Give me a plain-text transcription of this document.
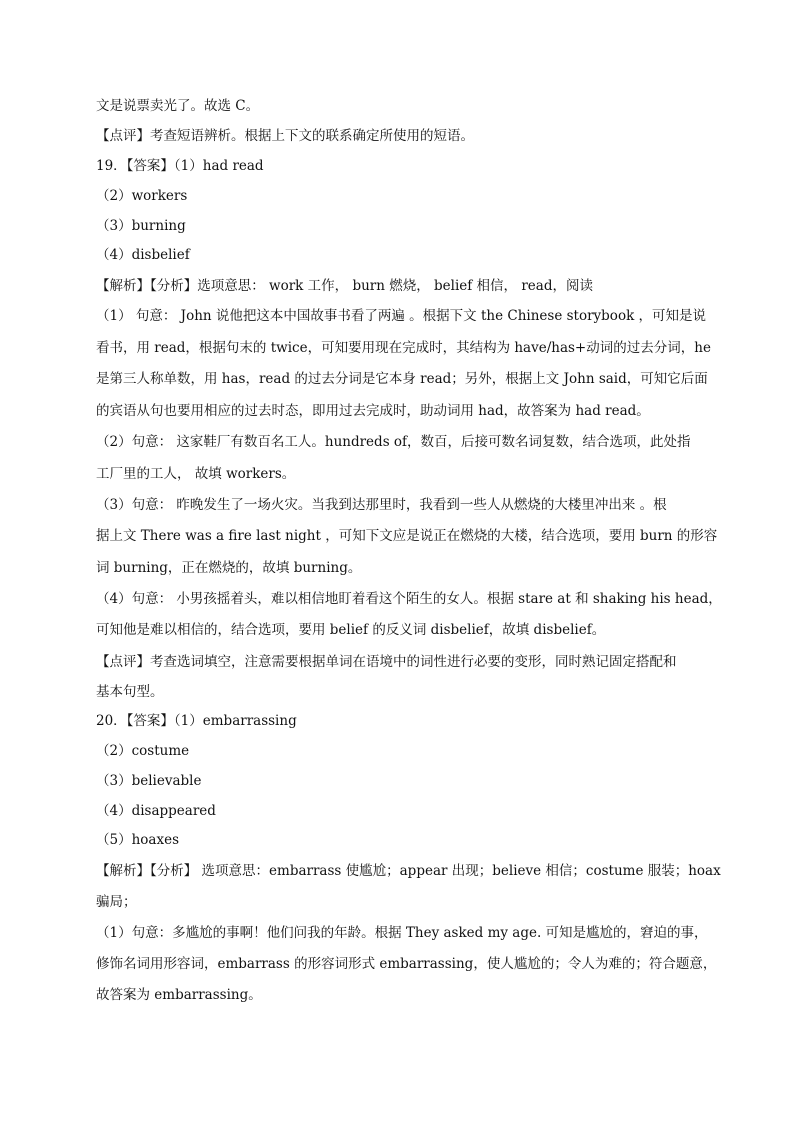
文是说票卖光了。故选 C。
【点评】考查短语辨析。根据上下文的联系确定所使用的短语。
19．【答案】（1）had read
（2）workers
（3）burning
（4）disbelief
【解析】【分析】选项意思： work 工作， burn 燃烧， belief 相信， read，阅读
（1） 句意： John 说他把这本中国故事书看了两遍 。根据下文 the Chinese storybook ，可知是说
看书，用 read，根据句末的 twice，可知要用现在完成时，其结构为 have/has+动词的过去分词，he
是第三人称单数，用 has，read 的过去分词是它本身 read；另外，根据上文 John said，可知它后面
的宾语从句也要用相应的过去时态，即用过去完成时，助动词用 had，故答案为 had read。
（2）句意： 这家鞋厂有数百名工人。hundreds of，数百，后接可数名词复数，结合选项，此处指
工厂里的工人， 故填 workers。
（3）句意： 昨晚发生了一场火灾。当我到达那里时，我看到一些人从燃烧的大楼里冲出来 。根
据上文 There was a fire last night ，可知下文应是说正在燃烧的大楼，结合选项，要用 burn 的形容
词 burning，正在燃烧的，故填 burning。
（4）句意： 小男孩摇着头，难以相信地盯着看这个陌生的女人。根据 stare at 和 shaking his head，
可知他是难以相信的，结合选项，要用 belief 的反义词 disbelief，故填 disbelief。
【点评】考查选词填空，注意需要根据单词在语境中的词性进行必要的变形，同时熟记固定搭配和
基本句型。
20．【答案】（1）embarrassing
（2）costume
（3）believable
（4）disappeared
（5）hoaxes
【解析】【分析】 选项意思：embarrass 使尴尬；appear 出现；believe 相信；costume 服装；hoax
骗局；
（1）句意：多尴尬的事啊！他们问我的年龄。根据 They asked my age. 可知是尴尬的，窘迫的事，
修饰名词用形容词，embarrass 的形容词形式 embarrassing，使人尴尬的；令人为难的；符合题意，
故答案为 embarrassing。
